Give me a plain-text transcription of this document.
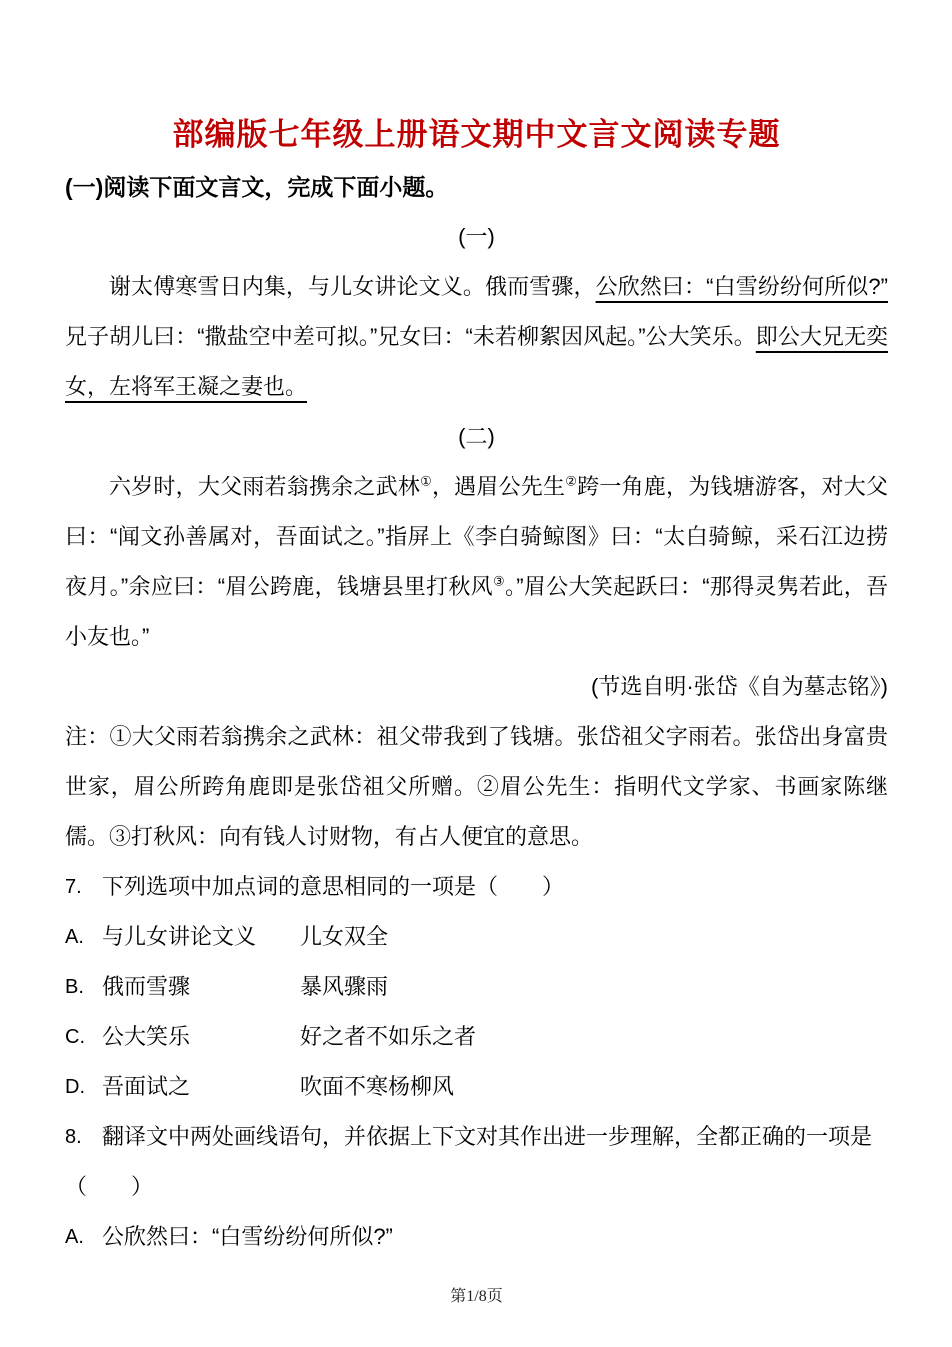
部编版七年级上册语文期中文言文阅读专题

(一)阅读下面文言文，完成下面小题。

(一)

谢太傅寒雪日内集，与儿女讲论文义。俄而雪骤，公欣然曰：“白雪纷纷何所似?”兄子胡儿曰：“撒盐空中差可拟。”兄女曰：“未若柳絮因风起。”公大笑乐。即公大兄无奕女，左将军王凝之妻也。

(二)

六岁时，大父雨若翁携余之武林①，遇眉公先生②跨一角鹿，为钱塘游客，对大父曰：“闻文孙善属对，吾面试之。”指屏上《李白骑鲸图》曰：“太白骑鲸，采石江边捞夜月。”余应曰：“眉公跨鹿，钱塘县里打秋风③。”眉公大笑起跃曰：“那得灵隽若此，吾小友也。”

(节选自明·张岱《自为墓志铭》)

注：①大父雨若翁携余之武林：祖父带我到了钱塘。张岱祖父字雨若。张岱出身富贵世家，眉公所跨角鹿即是张岱祖父所赠。②眉公先生：指明代文学家、书画家陈继儒。③打秋风：向有钱人讨财物，有占人便宜的意思。

7. 下列选项中加点词的意思相同的一项是（　　）
A. 与儿女讲论文义	儿女双全
B. 俄而雪骤	暴风骤雨
C. 公大笑乐	好之者不如乐之者
D. 吾面试之	吹面不寒杨柳风
8. 翻译文中两处画线语句，并依据上下文对其作出进一步理解，全都正确的一项是

（　　）

A. 公欣然曰：“白雪纷纷何所似?”
第1/8页
